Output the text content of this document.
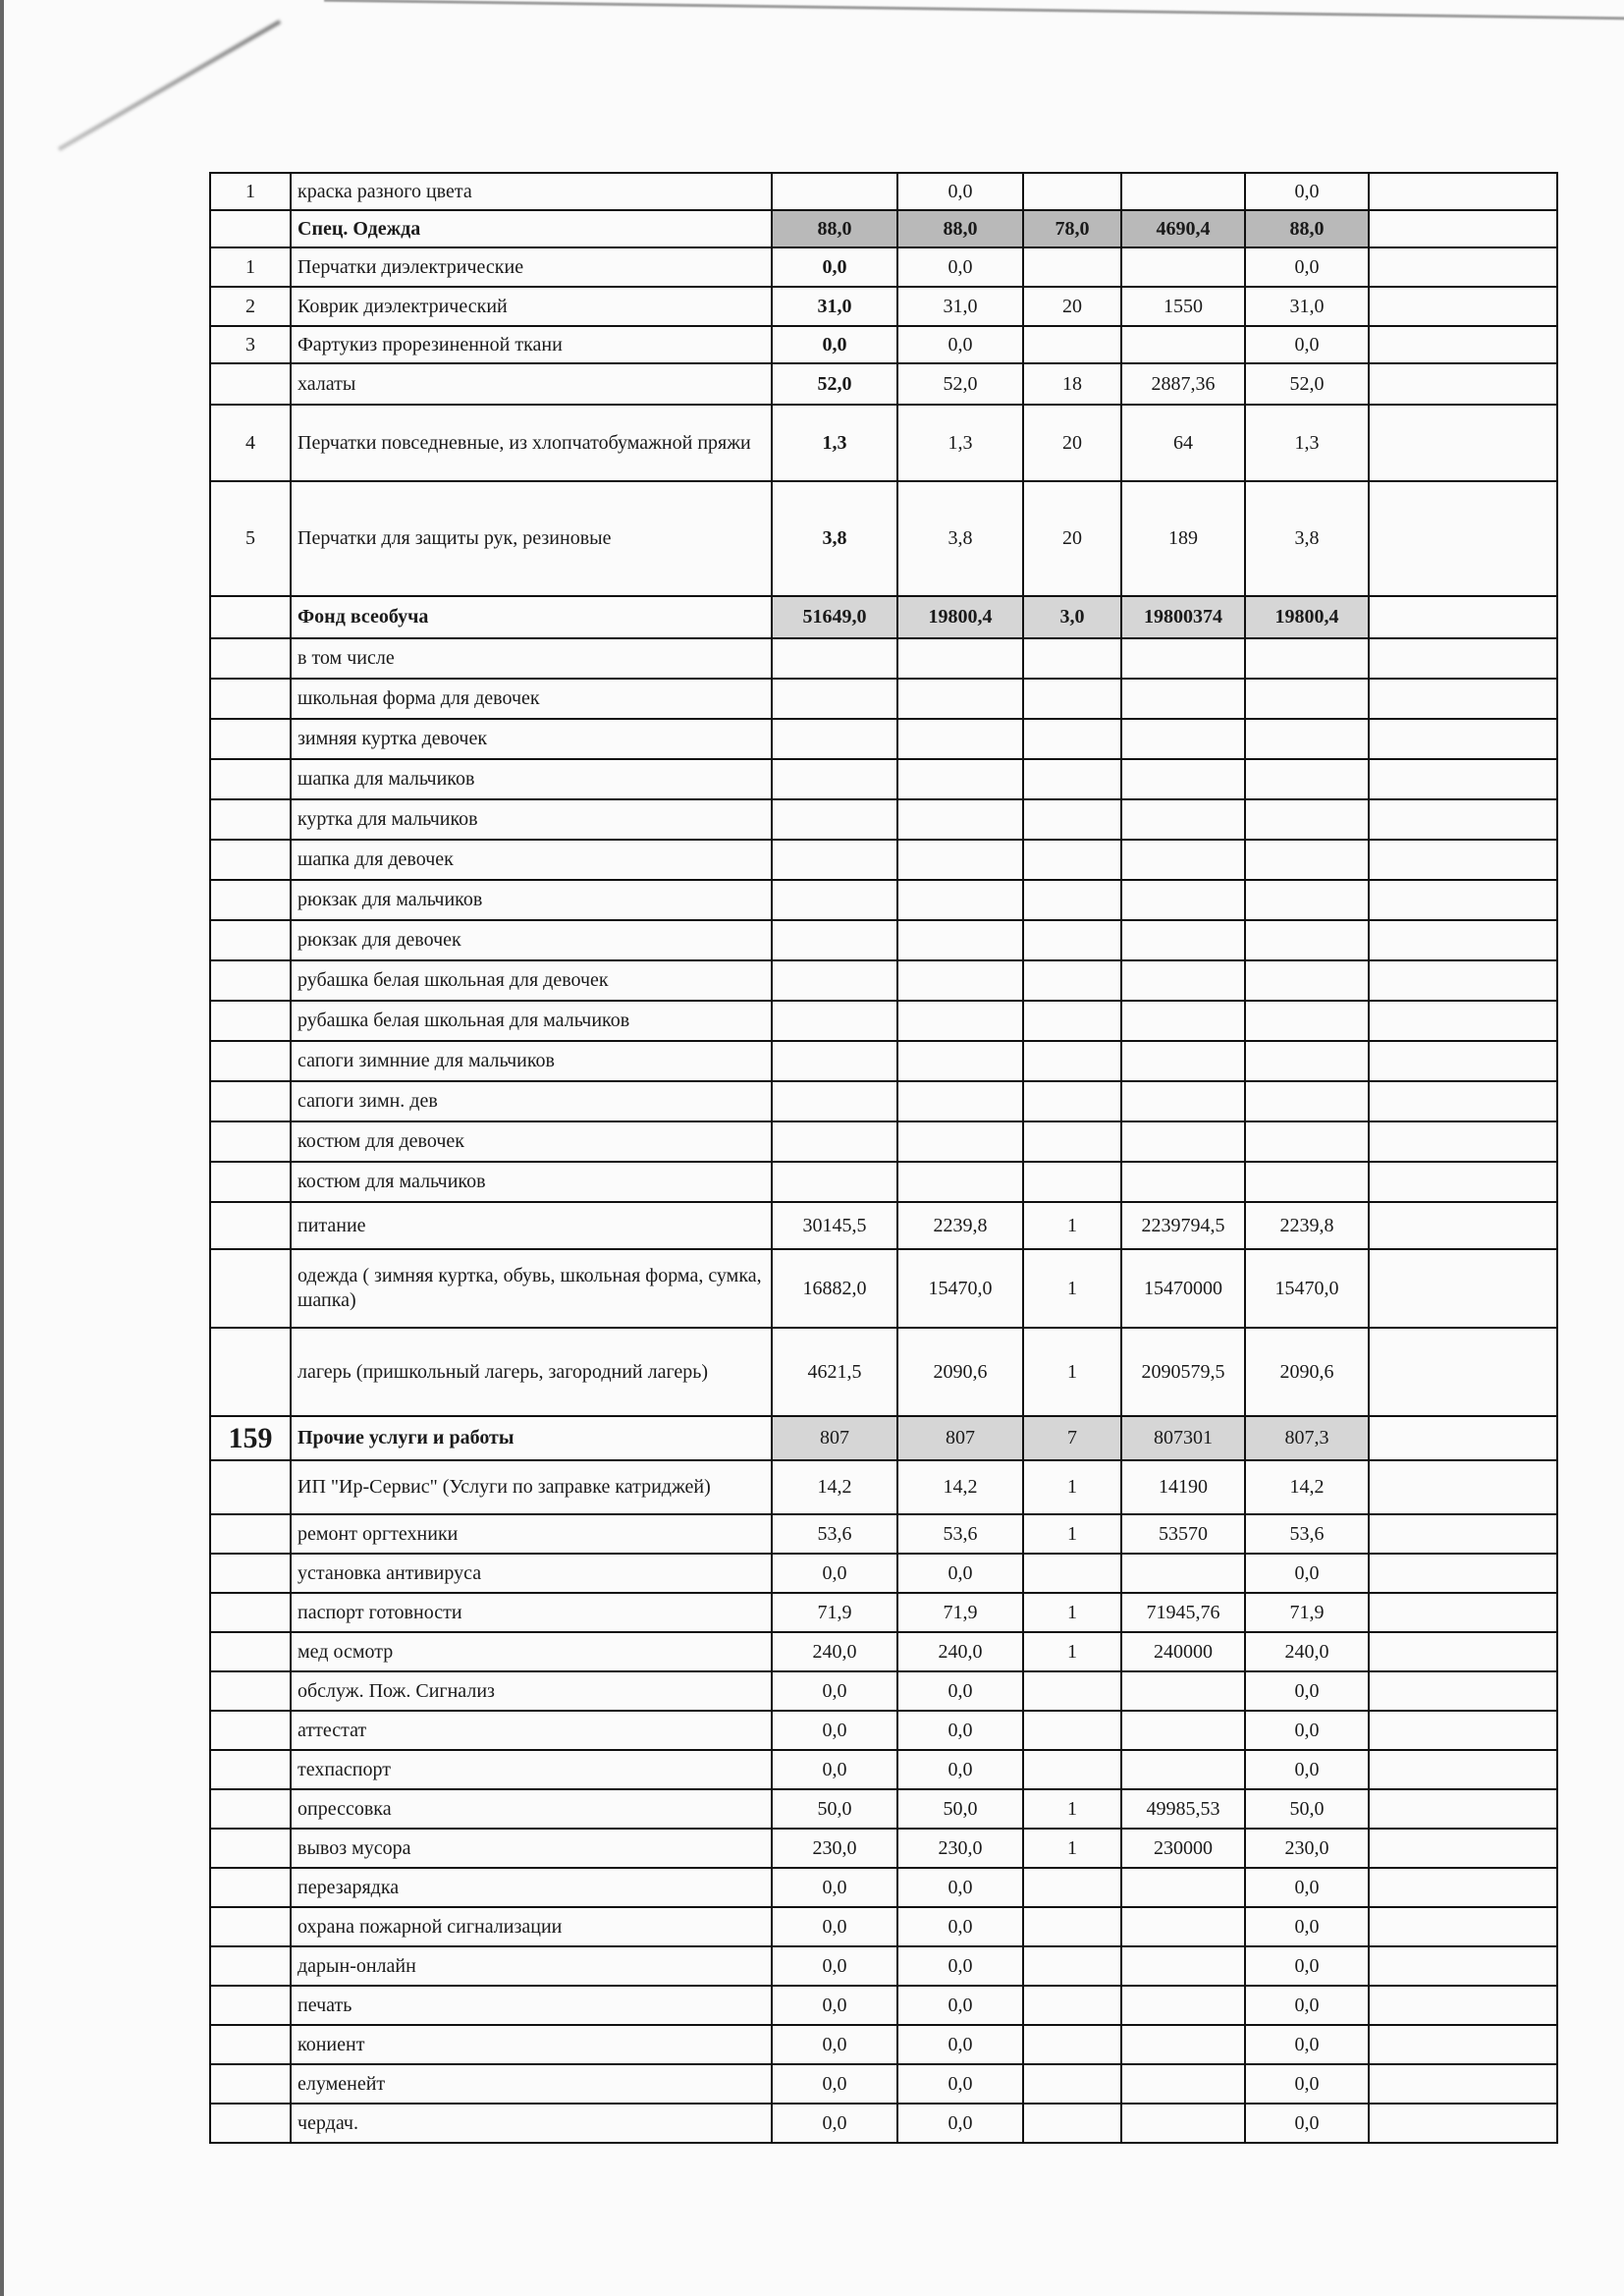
1	краска разного цвета		0,0			0,0	
	Спец. Одежда	88,0	88,0	78,0	4690,4	88,0	
1	Перчатки диэлектрические	0,0	0,0			0,0	
2	Коврик диэлектрический	31,0	31,0	20	1550	31,0	
3	Фартукиз прорезиненной ткани	0,0	0,0			0,0	
	халаты	52,0	52,0	18	2887,36	52,0	
4	Перчатки повседневные, из хлопчатобумажной пряжи	1,3	1,3	20	64	1,3	
5	Перчатки для защиты рук, резиновые	3,8	3,8	20	189	3,8	
	Фонд всеобуча	51649,0	19800,4	3,0	19800374	19800,4	
	в том числе						
	школьная форма для девочек						
	зимняя куртка девочек						
	шапка для мальчиков						
	куртка для мальчиков						
	шапка для девочек						
	рюкзак для мальчиков						
	рюкзак для девочек						
	рубашка белая школьная для девочек						
	рубашка белая школьная для мальчиков						
	сапоги зимнние для мальчиков						
	сапоги зимн. дев						
	костюм для девочек						
	костюм для мальчиков						
	питание	30145,5	2239,8	1	2239794,5	2239,8	
	одежда ( зимняя куртка, обувь, школьная форма, сумка, шапка)	16882,0	15470,0	1	15470000	15470,0	
	лагерь (пришкольный лагерь, загородний лагерь)	4621,5	2090,6	1	2090579,5	2090,6	
159	Прочие услуги и работы	807	807	7	807301	807,3	
	ИП "Ир-Сервис" (Услуги по заправке катриджей)	14,2	14,2	1	14190	14,2	
	ремонт оргтехники	53,6	53,6	1	53570	53,6	
	установка антивируса	0,0	0,0			0,0	
	паспорт готовности	71,9	71,9	1	71945,76	71,9	
	мед осмотр	240,0	240,0	1	240000	240,0	
	обслуж. Пож. Сигнализ	0,0	0,0			0,0	
	аттестат	0,0	0,0			0,0	
	техпаспорт	0,0	0,0			0,0	
	опрессовка	50,0	50,0	1	49985,53	50,0	
	вывоз мусора	230,0	230,0	1	230000	230,0	
	перезарядка	0,0	0,0			0,0	
	охрана пожарной сигнализации	0,0	0,0			0,0	
	дарын-онлайн	0,0	0,0			0,0	
	печать	0,0	0,0			0,0	
	кониент	0,0	0,0			0,0	
	елуменейт	0,0	0,0			0,0	
	чердач.	0,0	0,0			0,0	
